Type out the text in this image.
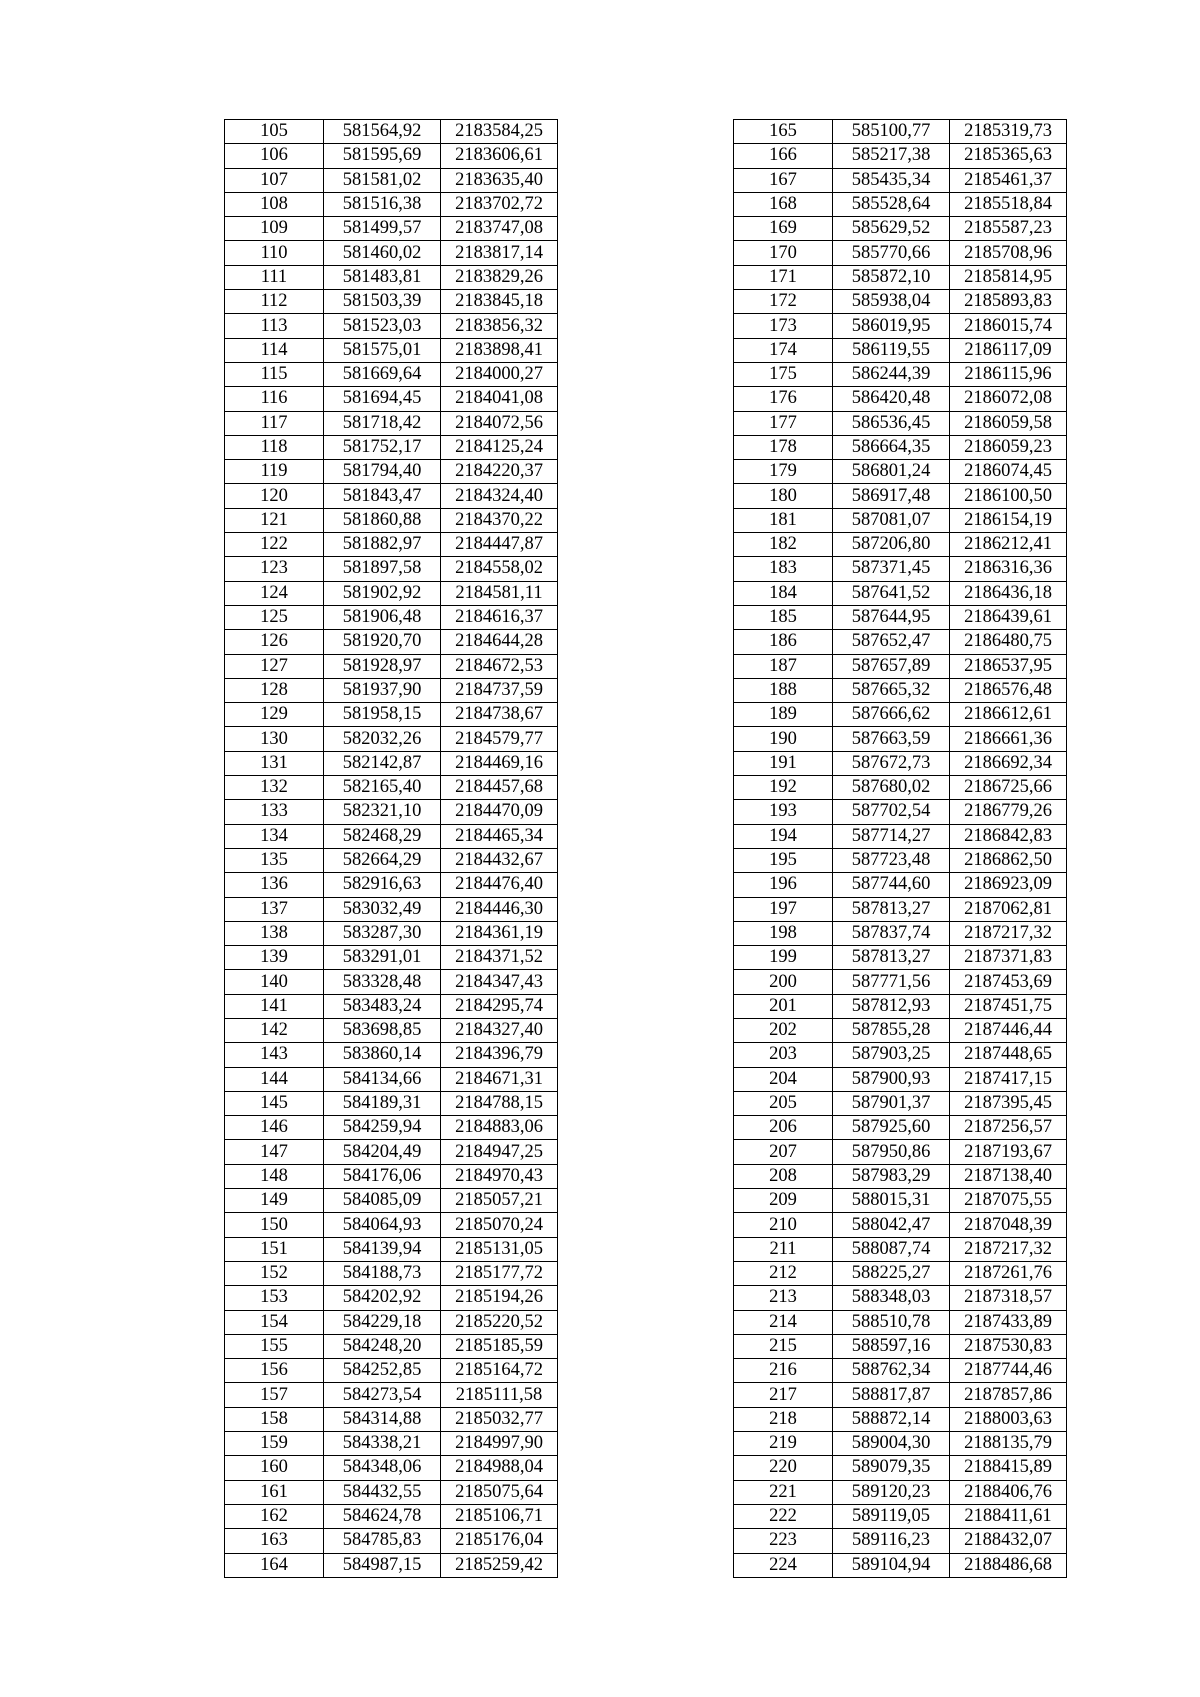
105	581564,92	2183584,25
106	581595,69	2183606,61
107	581581,02	2183635,40
108	581516,38	2183702,72
109	581499,57	2183747,08
110	581460,02	2183817,14
111	581483,81	2183829,26
112	581503,39	2183845,18
113	581523,03	2183856,32
114	581575,01	2183898,41
115	581669,64	2184000,27
116	581694,45	2184041,08
117	581718,42	2184072,56
118	581752,17	2184125,24
119	581794,40	2184220,37
120	581843,47	2184324,40
121	581860,88	2184370,22
122	581882,97	2184447,87
123	581897,58	2184558,02
124	581902,92	2184581,11
125	581906,48	2184616,37
126	581920,70	2184644,28
127	581928,97	2184672,53
128	581937,90	2184737,59
129	581958,15	2184738,67
130	582032,26	2184579,77
131	582142,87	2184469,16
132	582165,40	2184457,68
133	582321,10	2184470,09
134	582468,29	2184465,34
135	582664,29	2184432,67
136	582916,63	2184476,40
137	583032,49	2184446,30
138	583287,30	2184361,19
139	583291,01	2184371,52
140	583328,48	2184347,43
141	583483,24	2184295,74
142	583698,85	2184327,40
143	583860,14	2184396,79
144	584134,66	2184671,31
145	584189,31	2184788,15
146	584259,94	2184883,06
147	584204,49	2184947,25
148	584176,06	2184970,43
149	584085,09	2185057,21
150	584064,93	2185070,24
151	584139,94	2185131,05
152	584188,73	2185177,72
153	584202,92	2185194,26
154	584229,18	2185220,52
155	584248,20	2185185,59
156	584252,85	2185164,72
157	584273,54	2185111,58
158	584314,88	2185032,77
159	584338,21	2184997,90
160	584348,06	2184988,04
161	584432,55	2185075,64
162	584624,78	2185106,71
163	584785,83	2185176,04
164	584987,15	2185259,42
165	585100,77	2185319,73
166	585217,38	2185365,63
167	585435,34	2185461,37
168	585528,64	2185518,84
169	585629,52	2185587,23
170	585770,66	2185708,96
171	585872,10	2185814,95
172	585938,04	2185893,83
173	586019,95	2186015,74
174	586119,55	2186117,09
175	586244,39	2186115,96
176	586420,48	2186072,08
177	586536,45	2186059,58
178	586664,35	2186059,23
179	586801,24	2186074,45
180	586917,48	2186100,50
181	587081,07	2186154,19
182	587206,80	2186212,41
183	587371,45	2186316,36
184	587641,52	2186436,18
185	587644,95	2186439,61
186	587652,47	2186480,75
187	587657,89	2186537,95
188	587665,32	2186576,48
189	587666,62	2186612,61
190	587663,59	2186661,36
191	587672,73	2186692,34
192	587680,02	2186725,66
193	587702,54	2186779,26
194	587714,27	2186842,83
195	587723,48	2186862,50
196	587744,60	2186923,09
197	587813,27	2187062,81
198	587837,74	2187217,32
199	587813,27	2187371,83
200	587771,56	2187453,69
201	587812,93	2187451,75
202	587855,28	2187446,44
203	587903,25	2187448,65
204	587900,93	2187417,15
205	587901,37	2187395,45
206	587925,60	2187256,57
207	587950,86	2187193,67
208	587983,29	2187138,40
209	588015,31	2187075,55
210	588042,47	2187048,39
211	588087,74	2187217,32
212	588225,27	2187261,76
213	588348,03	2187318,57
214	588510,78	2187433,89
215	588597,16	2187530,83
216	588762,34	2187744,46
217	588817,87	2187857,86
218	588872,14	2188003,63
219	589004,30	2188135,79
220	589079,35	2188415,89
221	589120,23	2188406,76
222	589119,05	2188411,61
223	589116,23	2188432,07
224	589104,94	2188486,68
